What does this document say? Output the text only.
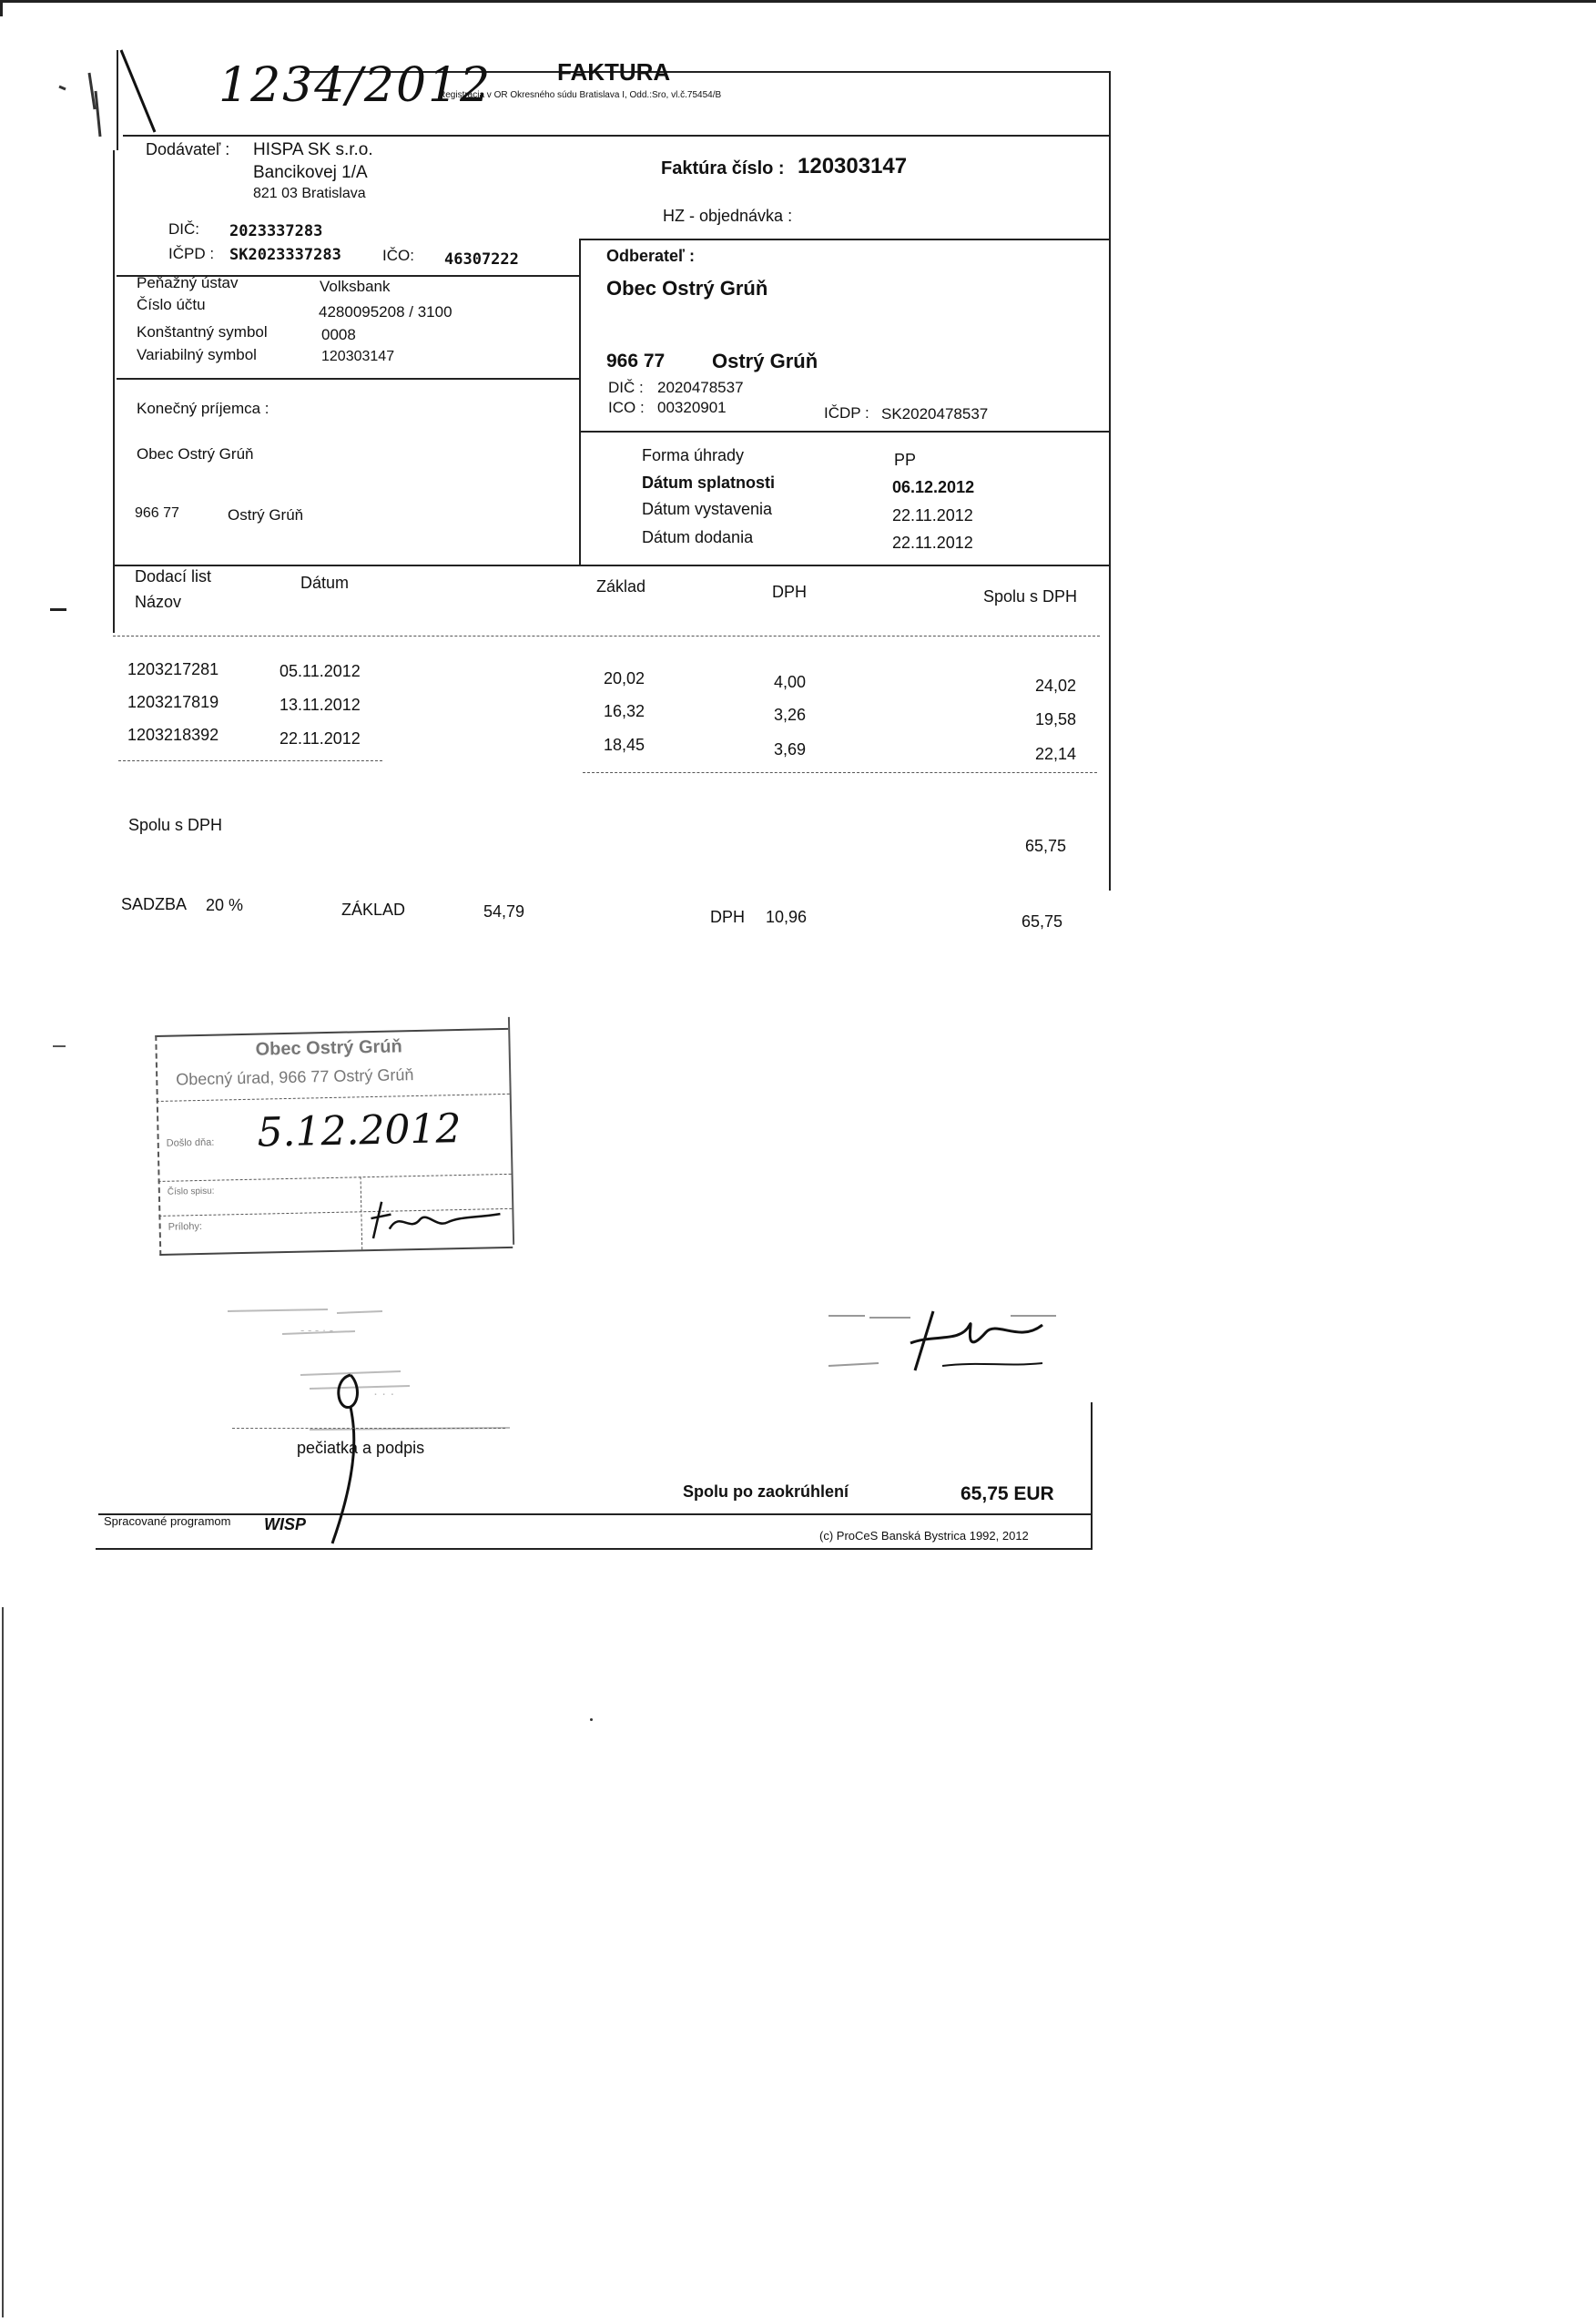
1234/2012	FAKTURA
Registrácia v OR Okresného súdu Bratislava I, Odd.:Sro, vl.č.75454/B
Dodávateľ : HISPA SK s.r.o.
Bancikovej 1/A
821 03 Bratislava
DIČ: 2023337283
IČPD : SK2023337283	IČO: 46307222
Faktúra číslo : 120303147
HZ - objednávka :
Peňažný ústav	Volksbank
Číslo účtu	4280095208 / 3100
Konštantný symbol	0008
Variabilný symbol	120303147
Odberateľ :
Obec Ostrý Grúň
966 77 Ostrý Grúň
DIČ : 2020478537
ICO : 00320901	IČDP : SK2020478537
Konečný príjemca :
Obec Ostrý Grúň
966 77	Ostrý Grúň
Forma úhrady	PP
Dátum splatnosti	06.12.2012
Dátum vystavenia	22.11.2012
Dátum dodania	22.11.2012
Dodací list
Názov
Dátum	Základ	DPH	Spolu s DPH
1203217281	05.11.2012	20,02	4,00	24,02
1203217819	13.11.2012	16,32	3,26	19,58
1203218392	22.11.2012	18,45	3,69	22,14
Spolu s DPH
65,75
SADZBA 20 %	ZÁKLAD	54,79	DPH 10,96	65,75
Obec Ostrý Grúň
Obecný úrad, 966 77 Ostrý Grúň
Došlo dňa: 5.12.2012
Číslo spisu:
Prílohy:
- - - · -
· · ·
pečiatka a podpis
Spolu po zaokrúhlení	65,75 EUR
Spracované programom WISP
(c) ProCeS Banská Bystrica 1992, 2012
